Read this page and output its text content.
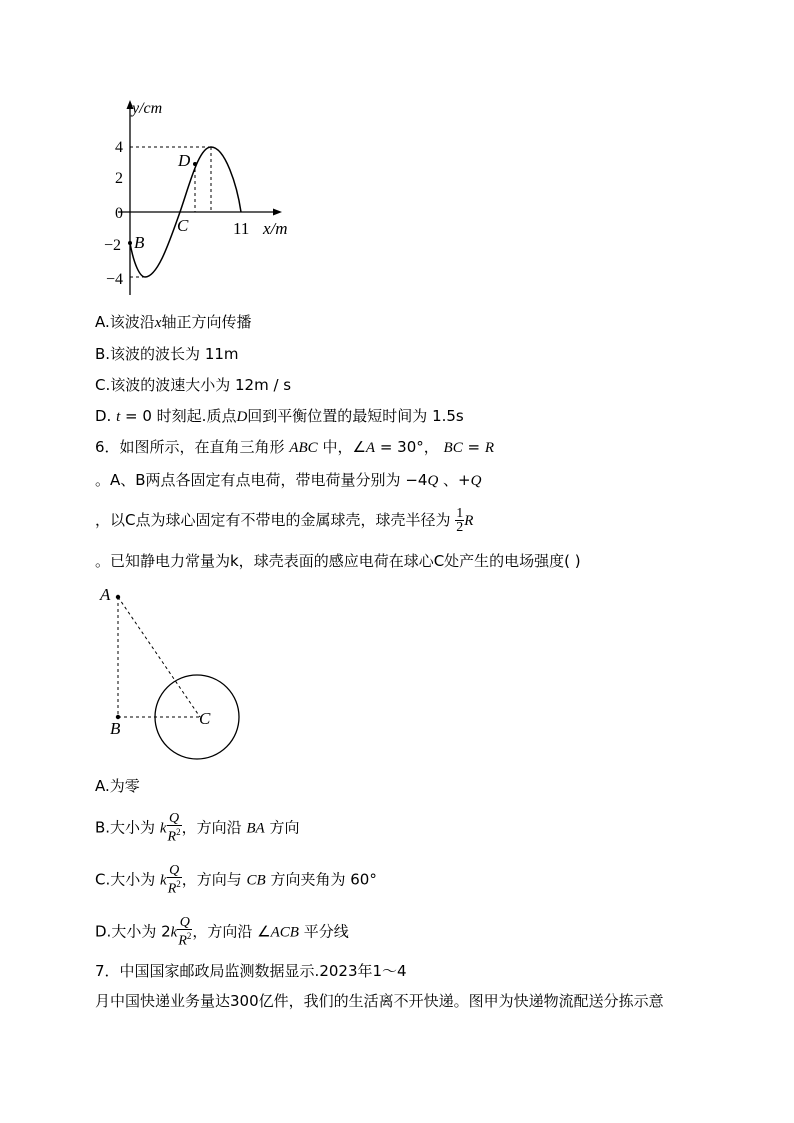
y/cm
x/m
4
2
0
−2
−4
11
D
B
C
A.该波沿x轴正方向传播
B.该波的波长为 11m
C.该波的波速大小为 12m / s
D. t = 0 时刻起.质点D回到平衡位置的最短时间为 1.5s
6．如图所示，在直角三角形 ABC 中，∠A = 30°， BC = R
。A、B两点各固定有点电荷，带电荷量分别为 −4Q 、+Q
，以C点为球心固定有不带电的金属球壳，球壳半径为 $\frac{1}{2}$ R
。已知静电力常量为k，球壳表面的感应电荷在球心C处产生的电场强度( )
A
B
C
A.为零
B.大小为 k $\frac{Q}{R^2}$ ，方向沿 BA 方向
C.大小为 k $\frac{Q}{R^2}$ ，方向与 CB 方向夹角为 60°
D.大小为 $2k \frac{Q}{R^2}$ ，方向沿 ∠ACB 平分线
7．中国国家邮政局监测数据显示.2023年1～4
月中国快递业务量达300亿件，我们的生活离不开快递。图甲为快递物流配送分拣示意
